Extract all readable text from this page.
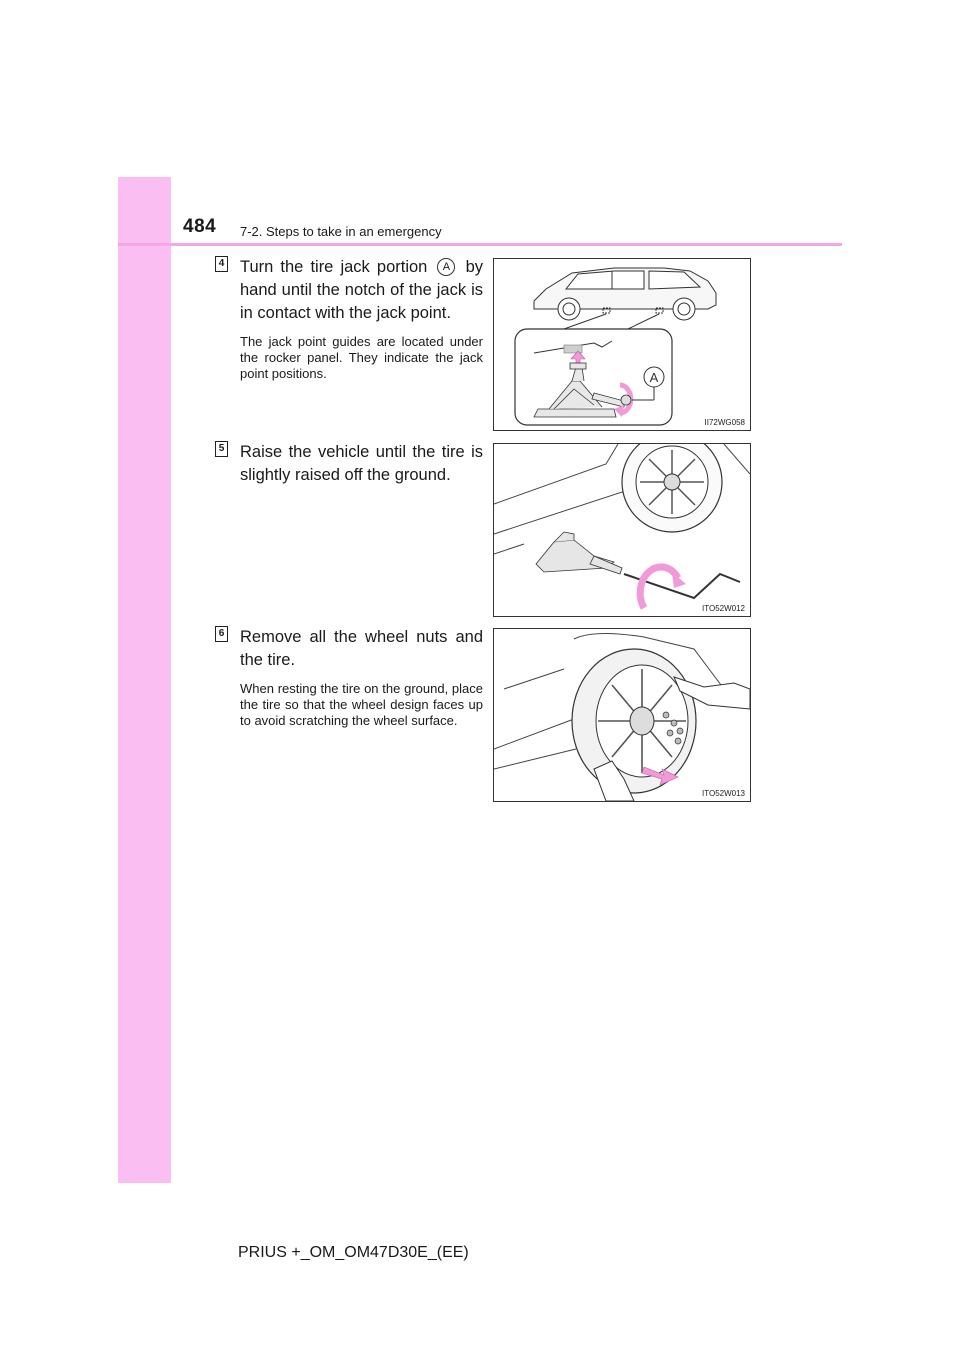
484 7-2. Steps to take in an emergency
4 Turn the tire jack portion A by hand until the notch of the jack is in contact with the jack point.
The jack point guides are located under the rocker panel. They indicate the jack point positions.	A
II72WG058
5 Raise the vehicle until the tire is slightly raised off the ground.
ITO52W012
6 Remove all the wheel nuts and the tire.
When resting the tire on the ground, place the tire so that the wheel design faces up to avoid scratching the wheel surface.
ITO52W013
PRIUS +_OM_OM47D30E_(EE)
